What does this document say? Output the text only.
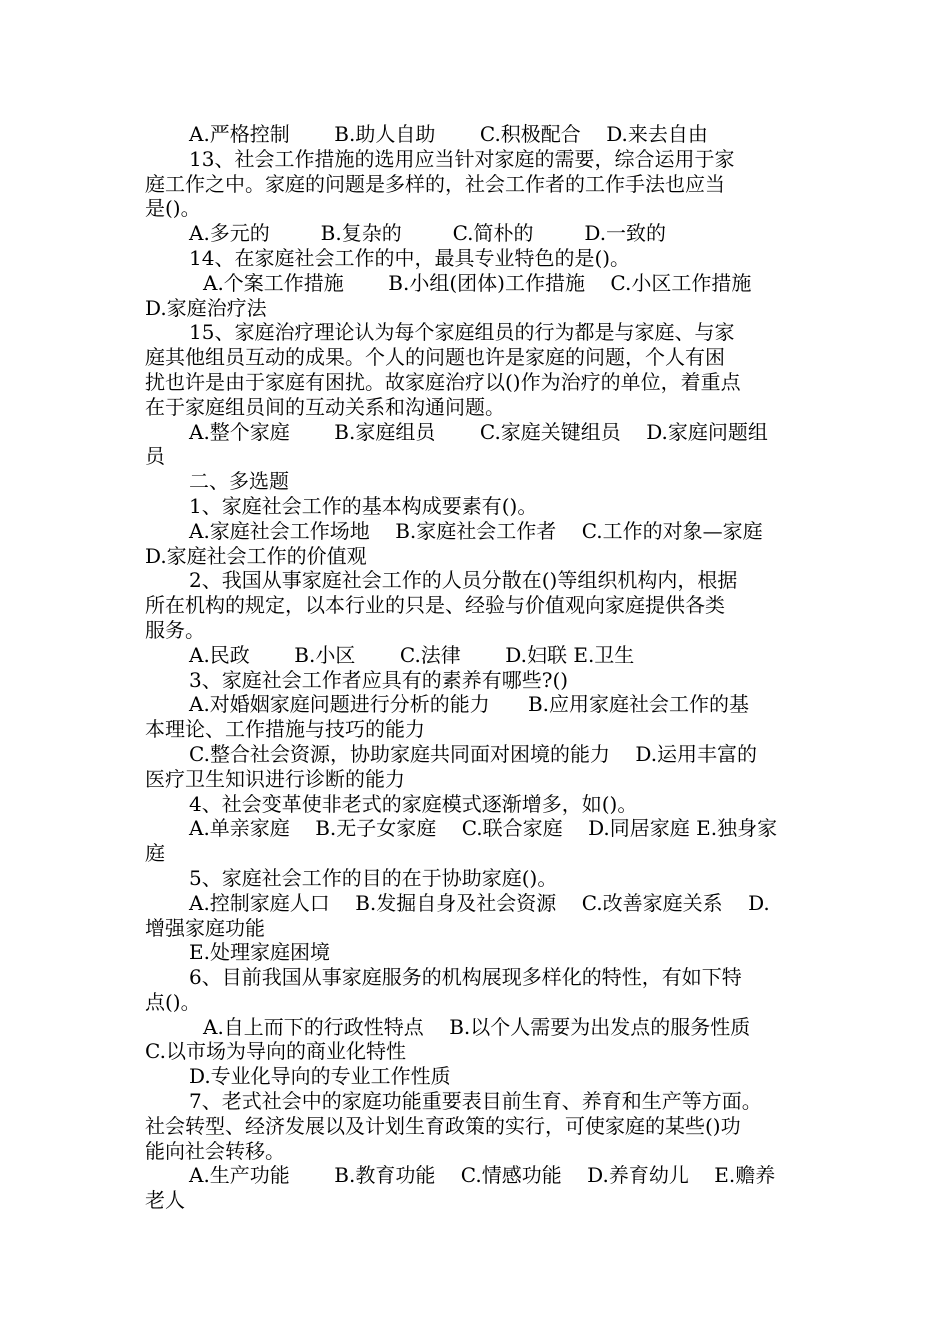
A.严格控制       B.助人自助       C.积极配合    D.来去自由
13、社会工作措施的选用应当针对家庭的需要，综合运用于家
庭工作之中。家庭的问题是多样的，社会工作者的工作手法也应当
是()。
A.多元的        B.复杂的        C.简朴的        D.一致的
14、在家庭社会工作的中，最具专业特色的是()。
A.个案工作措施       B.小组(团体)工作措施    C.小区工作措施
D.家庭治疗法
15、家庭治疗理论认为每个家庭组员的行为都是与家庭、与家
庭其他组员互动的成果。个人的问题也许是家庭的问题，个人有困
扰也许是由于家庭有困扰。故家庭治疗以()作为治疗的单位，着重点
在于家庭组员间的互动关系和沟通问题。
A.整个家庭       B.家庭组员       C.家庭关键组员    D.家庭问题组
员
二、多选题
1、家庭社会工作的基本构成要素有()。
A.家庭社会工作场地    B.家庭社会工作者    C.工作的对象—家庭
D.家庭社会工作的价值观
2、我国从事家庭社会工作的人员分散在()等组织机构内，根据
所在机构的规定，以本行业的只是、经验与价值观向家庭提供各类
服务。
A.民政       B.小区       C.法律       D.妇联 E.卫生
3、家庭社会工作者应具有的素养有哪些?()
A.对婚姻家庭问题进行分析的能力      B.应用家庭社会工作的基
本理论、工作措施与技巧的能力
C.整合社会资源，协助家庭共同面对困境的能力    D.运用丰富的
医疗卫生知识进行诊断的能力
4、社会变革使非老式的家庭模式逐渐增多，如()。
A.单亲家庭    B.无子女家庭    C.联合家庭    D.同居家庭 E.独身家
庭
5、家庭社会工作的目的在于协助家庭()。
A.控制家庭人口    B.发掘自身及社会资源    C.改善家庭关系    D.
增强家庭功能
E.处理家庭困境
6、目前我国从事家庭服务的机构展现多样化的特性，有如下特
点()。
A.自上而下的行政性特点    B.以个人需要为出发点的服务性质
C.以市场为导向的商业化特性
D.专业化导向的专业工作性质
7、老式社会中的家庭功能重要表目前生育、养育和生产等方面。
社会转型、经济发展以及计划生育政策的实行，可使家庭的某些()功
能向社会转移。
A.生产功能       B.教育功能    C.情感功能    D.养育幼儿    E.赡养
老人
